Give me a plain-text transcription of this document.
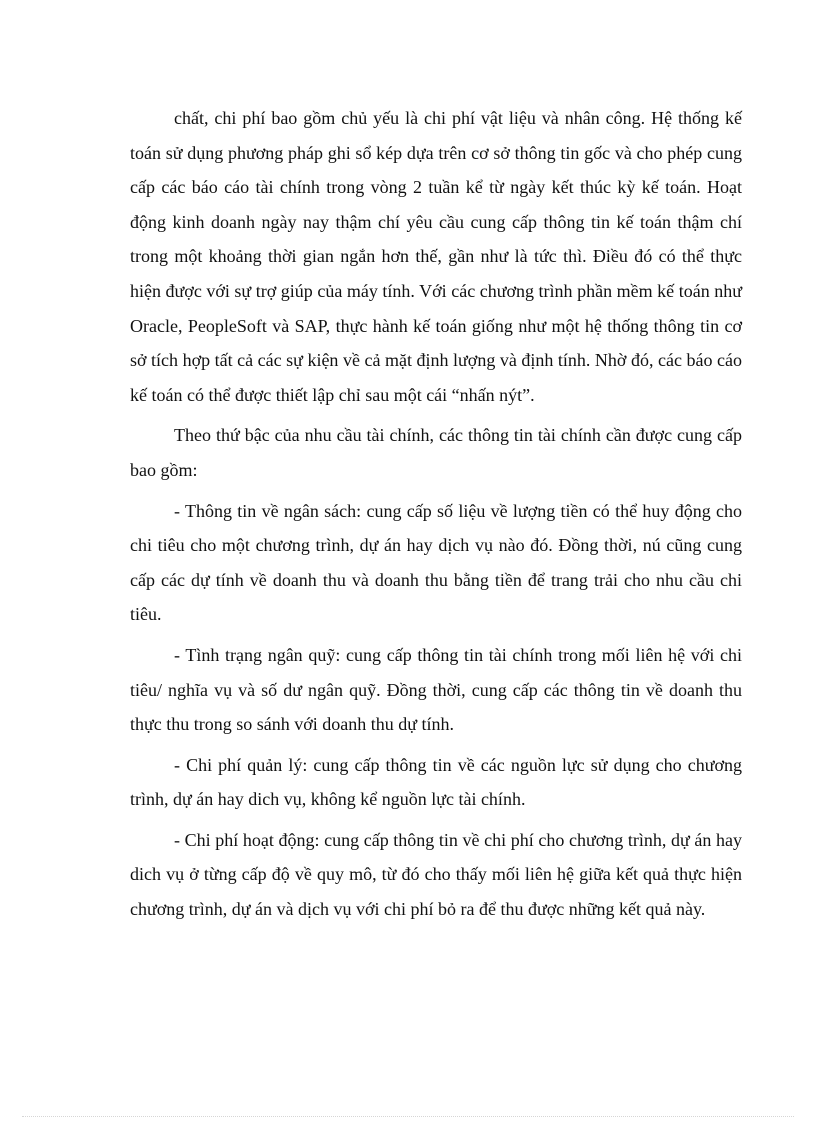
chất, chi phí bao gồm chủ yếu là chi phí vật liệu và nhân công. Hệ thống kế toán sử dụng phương pháp ghi sổ kép dựa trên cơ sở thông tin gốc và cho phép cung cấp các báo cáo tài chính trong vòng 2 tuần kể từ ngày kết thúc kỳ kế toán. Hoạt động kinh doanh ngày nay thậm chí yêu cầu cung cấp thông tin kế toán thậm chí trong một khoảng thời gian ngắn hơn thế, gần như là tức thì. Điều đó có thể thực hiện được với sự trợ giúp của máy tính. Với các chương trình phần mềm kế toán như Oracle, PeopleSoft và SAP, thực hành kế toán giống như một hệ thống thông tin cơ sở tích hợp tất cả các sự kiện về cả mặt định lượng và định tính. Nhờ đó, các báo cáo kế toán có thể được thiết lập chỉ sau một cái “nhấn nýt”.

Theo thứ bậc của nhu cầu tài chính, các thông tin tài chính cần được cung cấp bao gồm:

- Thông tin về ngân sách: cung cấp số liệu về lượng tiền có thể huy động cho chi tiêu cho một chương trình, dự án hay dịch vụ nào đó. Đồng thời, nú cũng cung cấp các dự tính về doanh thu và doanh thu bằng tiền để trang trải cho nhu cầu chi tiêu.

- Tình trạng ngân quỹ: cung cấp thông tin tài chính trong mối liên hệ với chi tiêu/ nghĩa vụ và số dư ngân quỹ. Đồng thời, cung cấp các thông tin về doanh thu thực thu trong so sánh với doanh thu dự tính.

- Chi phí quản lý: cung cấp thông tin về các nguồn lực sử dụng cho chương trình, dự án hay dich vụ, không kể nguồn lực tài chính.

- Chi phí hoạt động: cung cấp thông tin về chi phí cho chương trình, dự án hay dich vụ ở từng cấp độ về quy mô, từ đó cho thấy mối liên hệ giữa kết quả thực hiện chương trình, dự án và dịch vụ với chi phí bỏ ra để thu được những kết quả này.
